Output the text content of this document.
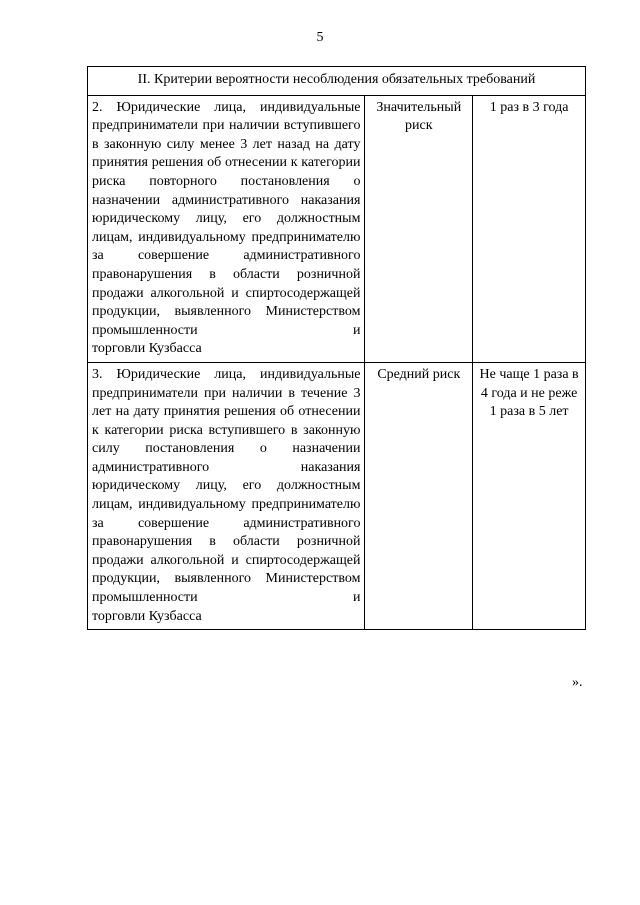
5
II. Критерии вероятности несоблюдения обязательных требований		
2. Юридические лица, индивидуальные предприниматели при наличии вступившего в законную силу менее 3 лет назад на дату принятия решения об отнесении к категории риска повторного постановления о назначении административного наказания юридическому лицу, его должностным лицам, индивидуальному предпринимателю за совершение административного правонарушения в области розничной продажи алкогольной и спиртосодержащей продукции, выявленного Министерством промышленности и
торговли Кузбасса	Значительный риск	1 раз в 3 года
3. Юридические лица, индивидуальные предприниматели при наличии в течение 3 лет на дату принятия решения об отнесении к категории риска вступившего в законную силу постановления о назначении административного наказания юридическому лицу, его должностным лицам, индивидуальному предпринимателю за совершение административного правонарушения в области розничной продажи алкогольной и спиртосодержащей продукции, выявленного Министерством промышленности и
торговли Кузбасса	Средний риск	Не чаще 1 раза в 4 года и не реже 1 раза в 5 лет
».
